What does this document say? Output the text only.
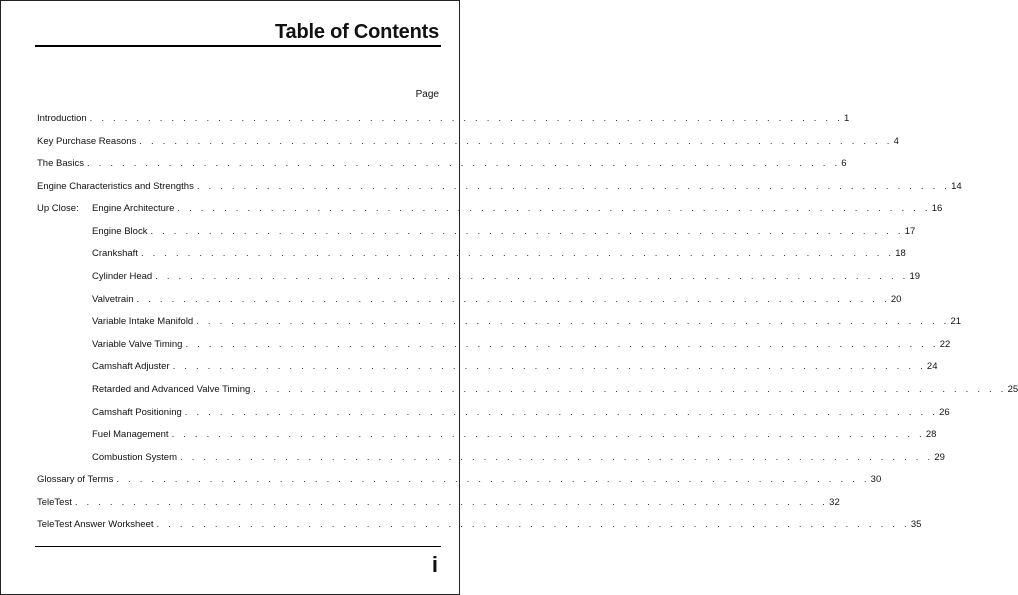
Table of Contents
Page
Introduction . . . . . . . . . . . . . . . . . . . . . . . . . . . . . . . . . . . . . . . . . . . . . . . . . . . . . . . . . . . . . . . . . 1
Key Purchase Reasons . . . . . . . . . . . . . . . . . . . . . . . . . . . . . . . . . . . . . . . . . . . . . . . . . . . . . . . . . . . . . . . . . 4
The Basics . . . . . . . . . . . . . . . . . . . . . . . . . . . . . . . . . . . . . . . . . . . . . . . . . . . . . . . . . . . . . . . . . 6
Engine Characteristics and Strengths . . . . . . . . . . . . . . . . . . . . . . . . . . . . . . . . . . . . . . . . . . . . . . . . . . . . . . . . . . . . . . . . . 14
Up Close: Engine Architecture . . . . . . . . . . . . . . . . . . . . . . . . . . . . . . . . . . . . . . . . . . . . . . . . . . . . . . . . . . . . . . . . . 16
Engine Block . . . . . . . . . . . . . . . . . . . . . . . . . . . . . . . . . . . . . . . . . . . . . . . . . . . . . . . . . . . . . . . . . 17
Crankshaft . . . . . . . . . . . . . . . . . . . . . . . . . . . . . . . . . . . . . . . . . . . . . . . . . . . . . . . . . . . . . . . . . 18
Cylinder Head . . . . . . . . . . . . . . . . . . . . . . . . . . . . . . . . . . . . . . . . . . . . . . . . . . . . . . . . . . . . . . . . . 19
Valvetrain . . . . . . . . . . . . . . . . . . . . . . . . . . . . . . . . . . . . . . . . . . . . . . . . . . . . . . . . . . . . . . . . . 20
Variable Intake Manifold . . . . . . . . . . . . . . . . . . . . . . . . . . . . . . . . . . . . . . . . . . . . . . . . . . . . . . . . . . . . . . . . . 21
Variable Valve Timing . . . . . . . . . . . . . . . . . . . . . . . . . . . . . . . . . . . . . . . . . . . . . . . . . . . . . . . . . . . . . . . . . 22
Camshaft Adjuster . . . . . . . . . . . . . . . . . . . . . . . . . . . . . . . . . . . . . . . . . . . . . . . . . . . . . . . . . . . . . . . . . 24
Retarded and Advanced Valve Timing . . . . . . . . . . . . . . . . . . . . . . . . . . . . . . . . . . . . . . . . . . . . . . . . . . . . . . . . . . . . . . . . . 25
Camshaft Positioning . . . . . . . . . . . . . . . . . . . . . . . . . . . . . . . . . . . . . . . . . . . . . . . . . . . . . . . . . . . . . . . . . 26
Fuel Management . . . . . . . . . . . . . . . . . . . . . . . . . . . . . . . . . . . . . . . . . . . . . . . . . . . . . . . . . . . . . . . . . 28
Combustion System . . . . . . . . . . . . . . . . . . . . . . . . . . . . . . . . . . . . . . . . . . . . . . . . . . . . . . . . . . . . . . . . . 29
Glossary of Terms . . . . . . . . . . . . . . . . . . . . . . . . . . . . . . . . . . . . . . . . . . . . . . . . . . . . . . . . . . . . . . . . . 30
TeleTest . . . . . . . . . . . . . . . . . . . . . . . . . . . . . . . . . . . . . . . . . . . . . . . . . . . . . . . . . . . . . . . . . 32
TeleTest Answer Worksheet . . . . . . . . . . . . . . . . . . . . . . . . . . . . . . . . . . . . . . . . . . . . . . . . . . . . . . . . . . . . . . . . . 35
i
